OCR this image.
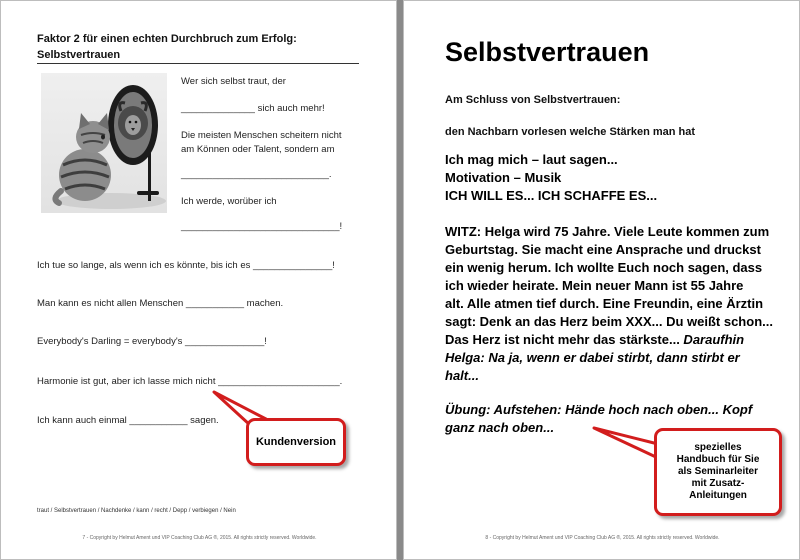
Faktor 2 für einen echten Durchbruch zum Erfolg:
Selbstvertrauen
Wer sich selbst traut, der
______________ sich auch mehr!
Die meisten Menschen scheitern nicht
am Können oder Talent, sondern am
____________________________.
Ich werde, worüber ich
______________________________!
Ich tue so lange, als wenn ich es könnte, bis ich es _______________!
Man kann es nicht allen Menschen ___________ machen.
Everybody's Darling = everybody's _______________!
Harmonie ist gut, aber ich lasse mich nicht _______________________.
Ich kann auch einmal ___________ sagen.
traut / Selbstvertrauen / Nachdenke / kann / recht / Depp / verbiegen / Nein
7 - Copyright by Helmut Ament und VIP Coaching Club AG ®, 2015. All rights strictly reserved. Worldwide.
Selbstvertrauen
Am Schluss von Selbstvertrauen:
den Nachbarn vorlesen welche Stärken man hat
Ich mag mich – laut sagen...
Motivation – Musik
ICH WILL ES... ICH SCHAFFE ES...
WITZ: Helga wird 75 Jahre. Viele Leute kommen zum
Geburtstag. Sie macht eine Ansprache und druckst
ein wenig herum. Ich wollte Euch noch sagen, dass
ich wieder heirate. Mein neuer Mann ist 55 Jahre
alt. Alle atmen tief durch. Eine Freundin, eine Ärztin
sagt: Denk an das Herz beim XXX... Du weißt schon...
Das Herz ist nicht mehr das stärkste... Daraufhin
Helga: Na ja, wenn er dabei stirbt, dann stirbt er
halt...
Übung: Aufstehen: Hände hoch nach oben... Kopf
ganz nach oben...
8 - Copyright by Helmut Ament und VIP Coaching Club AG ®, 2015. All rights strictly reserved. Worldwide.
Kundenversion	spezielles
Handbuch für Sie
als Seminarleiter
mit Zusatz-
Anleitungen
